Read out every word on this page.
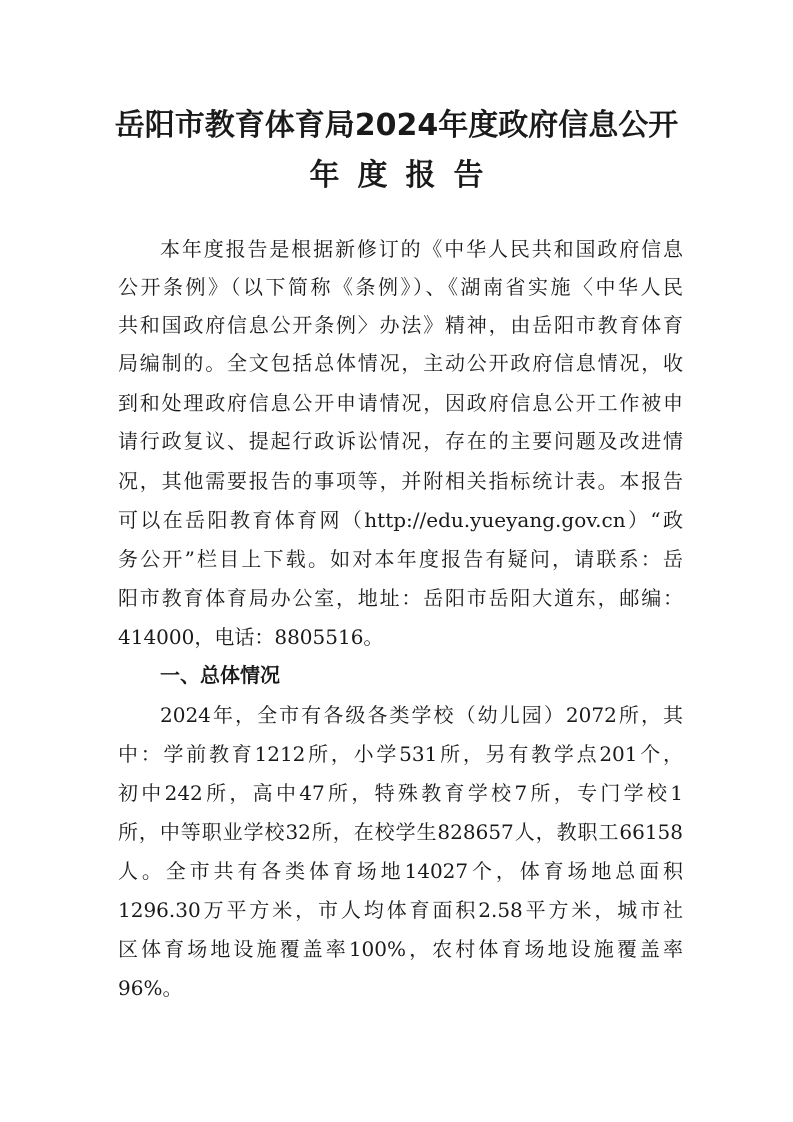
岳阳市教育体育局2024年度政府信息公开
年度报告
本年度报告是根据新修订的《中华人民共和国政府信息
公开条例》（以下简称《条例》）、《湖南省实施〈中华人民
共和国政府信息公开条例〉办法》精神，由岳阳市教育体育
局编制的。全文包括总体情况，主动公开政府信息情况，收
到和处理政府信息公开申请情况，因政府信息公开工作被申
请行政复议、提起行政诉讼情况，存在的主要问题及改进情
况，其他需要报告的事项等，并附相关指标统计表。本报告
可以在岳阳教育体育网（http://edu.yueyang.gov.cn）“政
务公开”栏目上下载。如对本年度报告有疑问，请联系：岳
阳市教育体育局办公室，地址：岳阳市岳阳大道东，邮编：
414000，电话：8805516。
一、总体情况
2024年，全市有各级各类学校（幼儿园）2072所，其
中：学前教育1212所，小学531所，另有教学点201个，
初中242所，高中47所，特殊教育学校7所，专门学校1
所，中等职业学校32所，在校学生828657人，教职工66158
人。全市共有各类体育场地14027个，体育场地总面积
1296.30万平方米，市人均体育面积2.58平方米，城市社
区体育场地设施覆盖率100%，农村体育场地设施覆盖率
96%。
